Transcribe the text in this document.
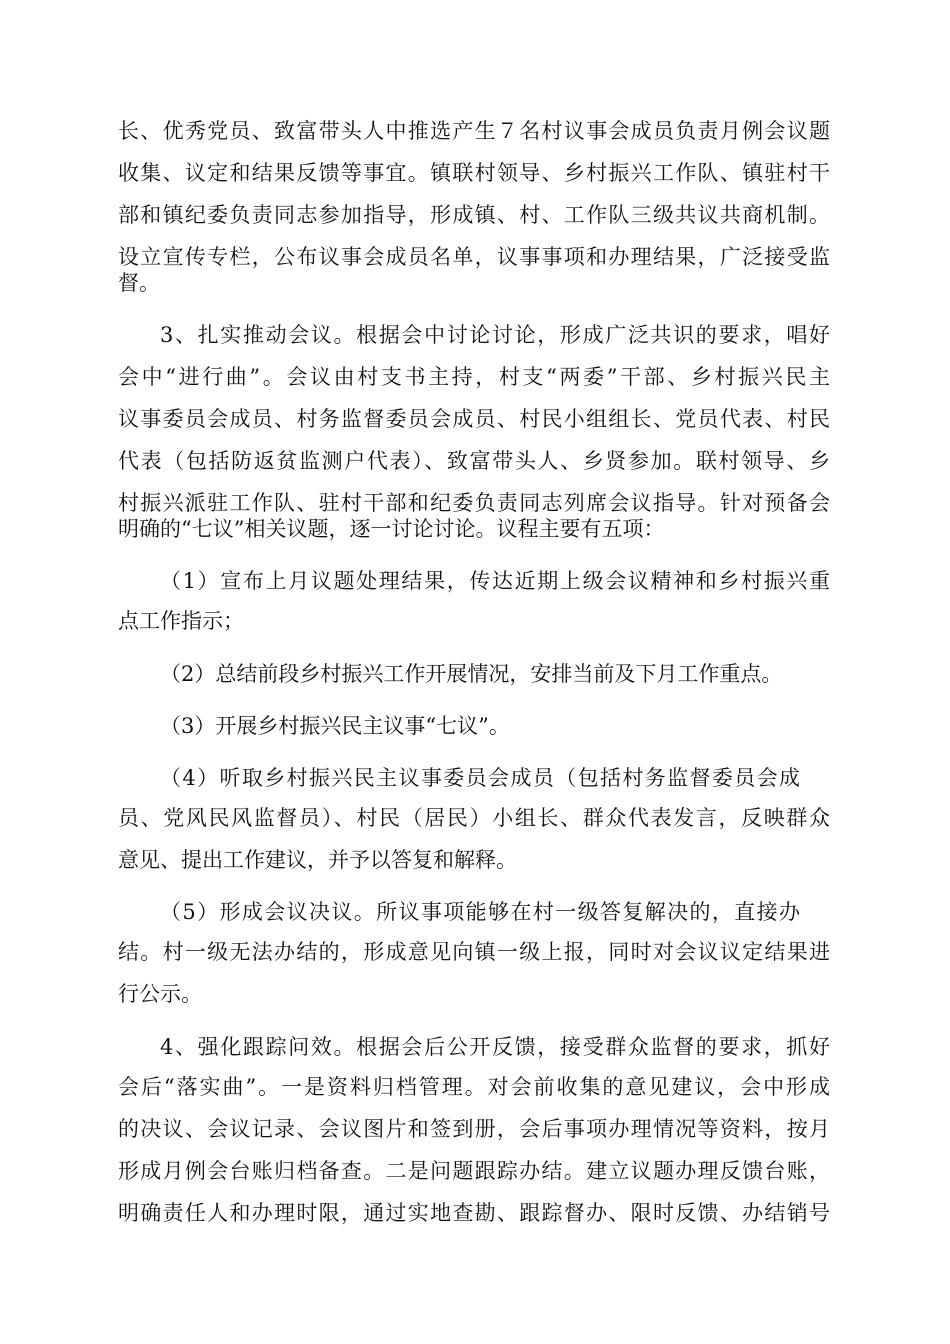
长、优秀党员、致富带头人中推选产生７名村议事会成员负责月例会议题

收集、议定和结果反馈等事宜。镇联村领导、乡村振兴工作队、镇驻村干

部和镇纪委负责同志参加指导，形成镇、村、工作队三级共议共商机制。

设立宣传专栏，公布议事会成员名单，议事事项和办理结果，广泛接受监

督。

3、扎实推动会议。根据会中讨论讨论，形成广泛共识的要求，唱好

会中“进行曲”。会议由村支书主持，村支“两委”干部、乡村振兴民主

议事委员会成员、村务监督委员会成员、村民小组组长、党员代表、村民

代表（包括防返贫监测户代表）、致富带头人、乡贤参加。联村领导、乡

村振兴派驻工作队、驻村干部和纪委负责同志列席会议指导。针对预备会

明确的“七议”相关议题，逐一讨论讨论。议程主要有五项：

（1）宣布上月议题处理结果，传达近期上级会议精神和乡村振兴重

点工作指示；

（2）总结前段乡村振兴工作开展情况，安排当前及下月工作重点。

（3）开展乡村振兴民主议事“七议”。

（4）听取乡村振兴民主议事委员会成员（包括村务监督委员会成

员、党风民风监督员）、村民（居民）小组长、群众代表发言，反映群众

意见、提出工作建议，并予以答复和解释。

（5）形成会议决议。所议事项能够在村一级答复解决的，直接办

结。村一级无法办结的，形成意见向镇一级上报，同时对会议议定结果进

行公示。

4、强化跟踪问效。根据会后公开反馈，接受群众监督的要求，抓好

会后“落实曲”。一是资料归档管理。对会前收集的意见建议，会中形成

的决议、会议记录、会议图片和签到册，会后事项办理情况等资料，按月

形成月例会台账归档备查。二是问题跟踪办结。建立议题办理反馈台账，

明确责任人和办理时限，通过实地查勘、跟踪督办、限时反馈、办结销号
